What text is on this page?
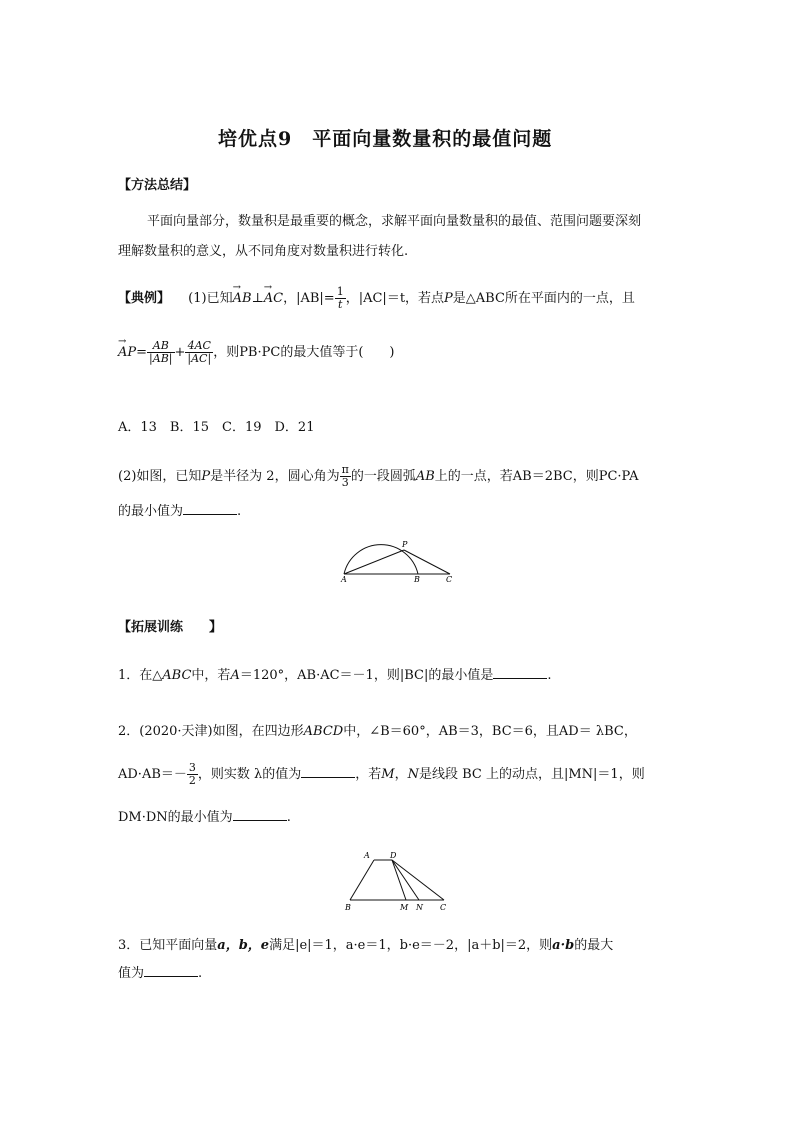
培优点9　平面向量数量积的最值问题
【方法总结】
平面向量部分，数量积是最重要的概念，求解平面向量数量积的最值、范围问题要深刻
理解数量积的意义，从不同角度对数量积进行转化.
【典例】 (1)已知→ AB⊥→ AC，$|AB|= \frac{1}{t}$ ，|AC|＝t，若点P是△ABC所在平面内的一点，且
→ $AP= \frac{AB}{|AB|} + \frac{4AC}{|AC|}$ ，则PB·PC的最大值等于(　　)
A．13　B．15　C．19　D．21
(2)如图，已知P是半径为 2，圆心角为 $\frac{\pi}{3}$ 的一段圆弧AB上的一点，若AB＝2BC，则PC·PA
的最小值为	.
A	B	C
P
【拓展训练　　】
1．在△ABC中，若A＝120°，AB·AC＝－1，则|BC|的最小值是	.
2．(2020·天津)如图，在四边形ABCD中，∠B＝60°，AB＝3，BC＝6，且AD＝ λBC，
$AD\cdot AB=- \frac{3}{2}$ ，则实数 λ的值为	，若M，N是线段 BC 上的动点，且|MN|＝1，则
DM·DN的最小值为	.
A	D
B	M N C
3．已知平面向量a，b，e满足|e|＝1，a·e＝1，b·e＝－2，|a＋b|＝2，则a·b的最大
值为	.
